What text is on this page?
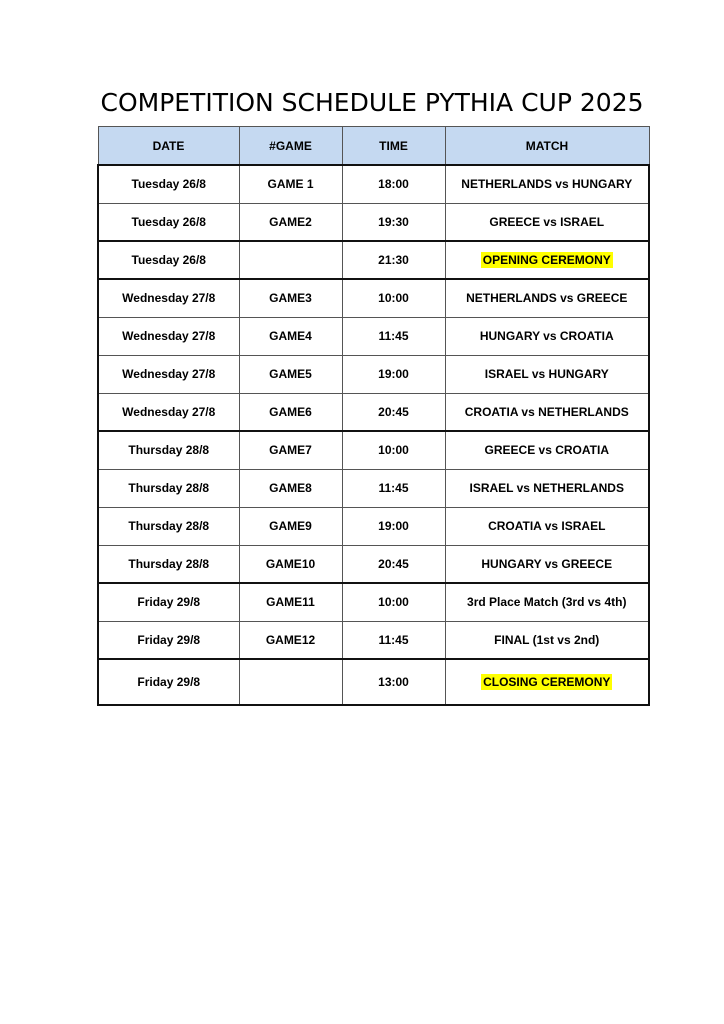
COMPETITION SCHEDULE PYTHIA CUP 2025
DATE	#GAME	TIME	MATCH
Tuesday 26/8	GAME 1	18:00	NETHERLANDS vs HUNGARY
Tuesday 26/8	GAME2	19:30	GREECE vs ISRAEL
Tuesday 26/8		21:30	OPENING CEREMONY
Wednesday 27/8	GAME3	10:00	NETHERLANDS vs GREECE
Wednesday 27/8	GAME4	11:45	HUNGARY vs CROATIA
Wednesday 27/8	GAME5	19:00	ISRAEL vs HUNGARY
Wednesday 27/8	GAME6	20:45	CROATIA vs NETHERLANDS
Thursday 28/8	GAME7	10:00	GREECE vs CROATIA
Thursday 28/8	GAME8	11:45	ISRAEL vs NETHERLANDS
Thursday 28/8	GAME9	19:00	CROATIA vs ISRAEL
Thursday 28/8	GAME10	20:45	HUNGARY vs GREECE
Friday 29/8	GAME11	10:00	3rd Place Match (3rd vs 4th)
Friday 29/8	GAME12	11:45	FINAL (1st vs 2nd)
Friday 29/8		13:00	CLOSING CEREMONY
